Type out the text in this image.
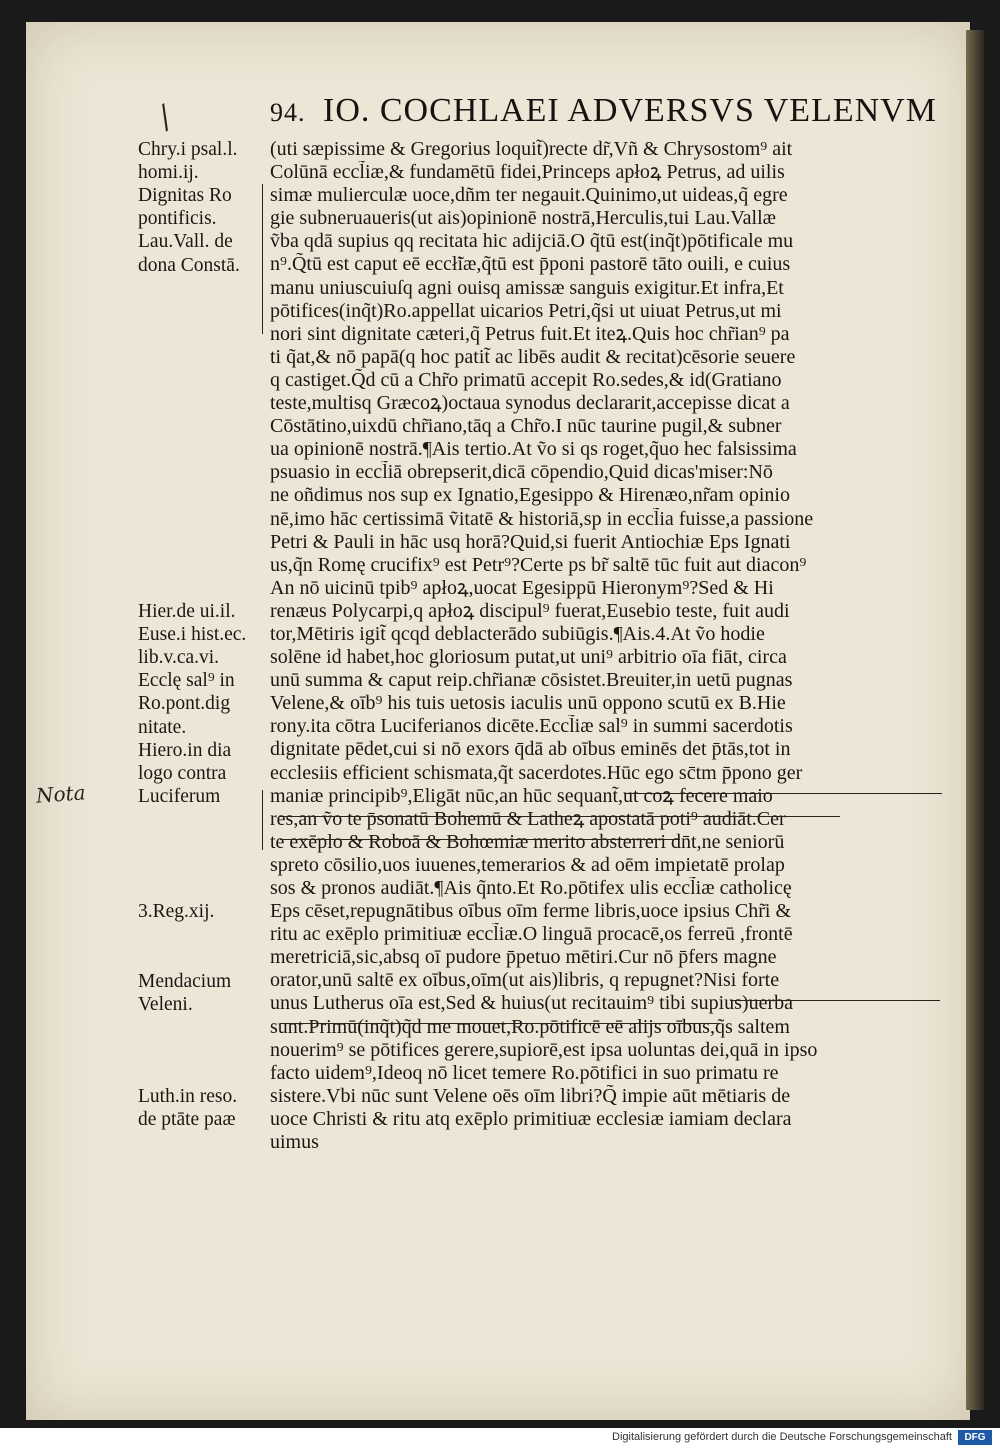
/	94. IO. COCHLAEI ADVERSVS VELENVM
(uti sæpissime & Gregorius loquit̃)recte dr̃,Vñ & Chrysostom⁹ ait
Colūnā eccl̃iæ,& fundamētū fidei,Princeps apłoꝝ Petrus, ad uilis
simæ mulierculæ uoce,dñm ter negauit.Quinimo,ut uideas,q̃ egre
gie subneruaueris(ut ais)opinionē nostrā,Herculis,tui Lau.Vallæ
ṽba qdā supius qq recitata hic adijciā.O q̃tū est(inq̃t)pōtificale mu
n⁹.Q̃tū est caput eē eccł̃iæ,q̃tū est p̄poni pastorē tāto ouili, e cuius
manu uniuscuiuſq agni ouisq amissæ sanguis exigitur.Et infra,Et
pōtifices(inq̃t)Ro.appellat uicarios Petri,q̃si ut uiuat Petrus,ut mi
nori sint dignitate cæteri,q̃ Petrus fuit.Et iteꝝ.Quis hoc chr̃ian⁹ pa
ti q̃at,& nō papā(q hoc patit̃ ac libēs audit & recitat)cēsorie seuere
q castiget.Q̃d cū a Chr̃o primatū accepit Ro.sedes,& id(Gratiano
teste,multisq Græcoꝝ)octaua synodus declararit,accepisse dicat a
Cōstātino,uixdū chr̃iano,tāq a Chr̃o.I nūc taurine pugil,& subner
ua opinionē nostrā.¶Ais tertio.At ṽo si qs roget,q̃uo hec falsissima
psuasio in eccl̃iā obrepserit,dicā cōpendio,Quid dicas'miser:Nō
ne oñdimus nos sup ex Ignatio,Egesippo & Hirenæo,nr̃am opinio
nē,imo hāc certissimā ṽitatē & historiā,sp in eccl̃ia fuisse,a passione
Petri & Pauli in hāc usq horā?Quid,si fuerit Antiochiæ Eps Ignati
us,q̃n Romę crucifix⁹ est Petr⁹?Certe ps br̃ saltē tūc fuit aut diacon⁹
An nō uicinū tpib⁹ apłoꝝ,uocat Egesippū Hieronym⁹?Sed & Hi
renæus Polycarpi,q apłoꝝ discipul⁹ fuerat,Eusebio teste, fuit audi
tor,Mētiris igit̃ qcqd deblacterādo subiūgis.¶Ais.4.At ṽo hodie
solēne id habet,hoc gloriosum putat,ut uni⁹ arbitrio oīa fiāt, circa
unū summa & caput reip.chr̃ianæ cōsistet.Breuiter,in uetū pugnas
Velene,& oīb⁹ his tuis uetosis iaculis unū oppono scutū ex B.Hie
rony.ita cōtra Luciferianos dicēte.Eccl̃iæ sal⁹ in summi sacerdotis
dignitate pēdet,cui si nō exors q̄dā ab oībus eminēs det p̄tās,tot in
ecclesiis efficient schismata,q̃t sacerdotes.Hūc ego sc̄tm p̄pono ger
maniæ principib⁹,Eligāt nūc,an hūc sequant̃,ut coꝝ fecere maio
res,an ṽo te p̄sonatū Bohemū & Latheꝝ apostatā poti⁹ audiāt.Cer
te exēplo & Roboā & Bohœmiæ merito absterreri dn̄t,ne seniorū
spreto cōsilio,uos iuuenes,temerarios & ad oēm impietatē prolap
sos & pronos audiāt.¶Ais q̃nto.Et Ro.pōtifex ulis eccl̃iæ catholicę
Eps cēset,repugnātibus oībus oīm ferme libris,uoce ipsius Chr̃i &
ritu ac exēplo primitiuæ eccl̃iæ.O linguā procacē,os ferreū ,frontē
meretriciā,sic,absq oī pudore p̄petuo mētiri.Cur nō p̄fers magne
orator,unū saltē ex oībus,oīm(ut ais)libris, q repugnet?Nisi forte
unus Lutherus oīa est,Sed & huius(ut recitauim⁹ tibi supius)uerba
sunt.Primū(inq̃t)q̃d me mouet,Ro.pōtificē eē alijs oībus,q̃s saltem
nouerim⁹ se pōtifices gerere,supiorē,est ipsa uoluntas dei,quā in ipso
facto uidem⁹,Ideoq nō licet temere Ro.pōtifici in suo primatu re
sistere.Vbi nūc sunt Velene oēs oīm libri?Q̃ impie aūt mētiaris de
uoce Christi & ritu atq exēplo primitiuæ ecclesiæ iamiam declara
uimus
Chry.i psal.l.
homi.ij.
Dignitas Ro
pontificis.
Lau.Vall. de
dona Constā.
Hier.de ui.il.
Euse.i hist.ec.
lib.v.ca.vi.
Ecclę sal⁹ in
Ro.pont.dig
nitate.
Hiero.in dia
logo contra
Luciferum
3.Reg.xij.
Mendacium
Veleni.
Luth.in reso.
de ptāte paæ
Nota
Digitalisierung gefördert durch die Deutsche Forschungsgemeinschaft	DFG
